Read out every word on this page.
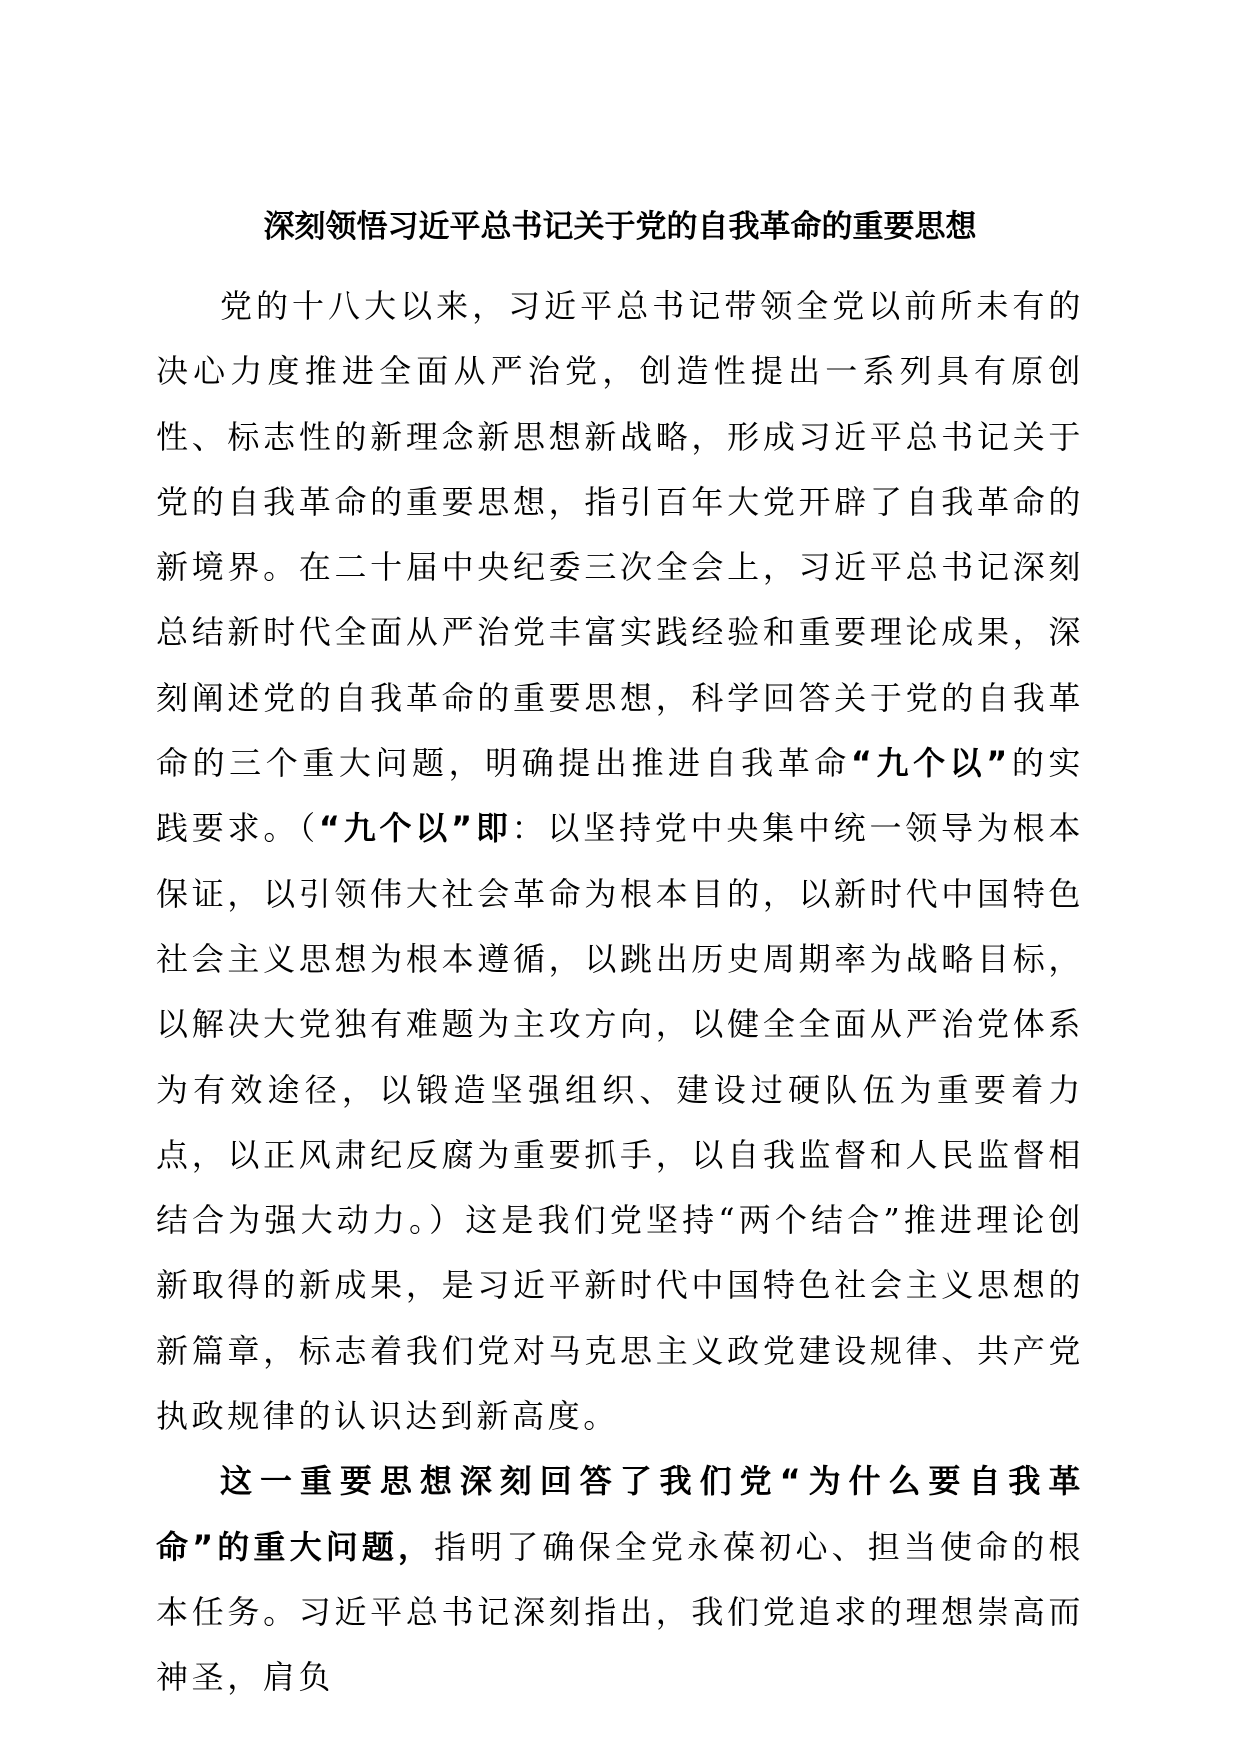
深刻领悟习近平总书记关于党的自我革命的重要思想

党的十八大以来，习近平总书记带领全党以前所未有的决心力度推进全面从严治党，创造性提出一系列具有原创性、标志性的新理念新思想新战略，形成习近平总书记关于党的自我革命的重要思想，指引百年大党开辟了自我革命的新境界。在二十届中央纪委三次全会上，习近平总书记深刻总结新时代全面从严治党丰富实践经验和重要理论成果，深刻阐述党的自我革命的重要思想，科学回答关于党的自我革命的三个重大问题，明确提出推进自我革命“九个以”的实践要求。（“九个以”即：以坚持党中央集中统一领导为根本保证，以引领伟大社会革命为根本目的，以新时代中国特色社会主义思想为根本遵循，以跳出历史周期率为战略目标，以解决大党独有难题为主攻方向，以健全全面从严治党体系为有效途径，以锻造坚强组织、建设过硬队伍为重要着力点，以正风肃纪反腐为重要抓手，以自我监督和人民监督相结合为强大动力。）这是我们党坚持“两个结合”推进理论创新取得的新成果，是习近平新时代中国特色社会主义思想的新篇章，标志着我们党对马克思主义政党建设规律、共产党执政规律的认识达到新高度。

这一重要思想深刻回答了我们党“为什么要自我革命”的重大问题，指明了确保全党永葆初心、担当使命的根本任务。习近平总书记深刻指出，我们党追求的理想崇高而神圣，肩负
